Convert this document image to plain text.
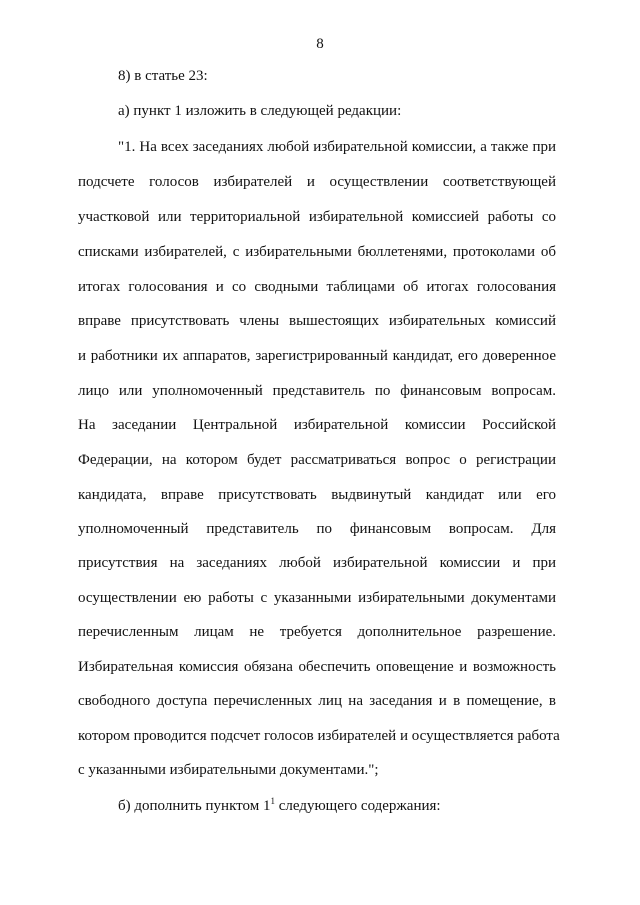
8
8) в статье 23:
а) пункт 1 изложить в следующей редакции:
"1. На всех заседаниях любой избирательной комиссии, а также при
подсчете голосов избирателей и осуществлении соответствующей
участковой или территориальной избирательной комиссией работы со
списками избирателей, с избирательными бюллетенями, протоколами об
итогах голосования и со сводными таблицами об итогах голосования
вправе присутствовать члены вышестоящих избирательных комиссий
и работники их аппаратов, зарегистрированный кандидат, его доверенное
лицо или уполномоченный представитель по финансовым вопросам.
На заседании Центральной избирательной комиссии Российской
Федерации, на котором будет рассматриваться вопрос о регистрации
кандидата, вправе присутствовать выдвинутый кандидат или его
уполномоченный представитель по финансовым вопросам. Для
присутствия на заседаниях любой избирательной комиссии и при
осуществлении ею работы с указанными избирательными документами
перечисленным лицам не требуется дополнительное разрешение.
Избирательная комиссия обязана обеспечить оповещение и возможность
свободного доступа перечисленных лиц на заседания и в помещение, в
котором проводится подсчет голосов избирателей и осуществляется работа
с указанными избирательными документами.";
б) дополнить пунктом $1^1$ следующего содержания:
